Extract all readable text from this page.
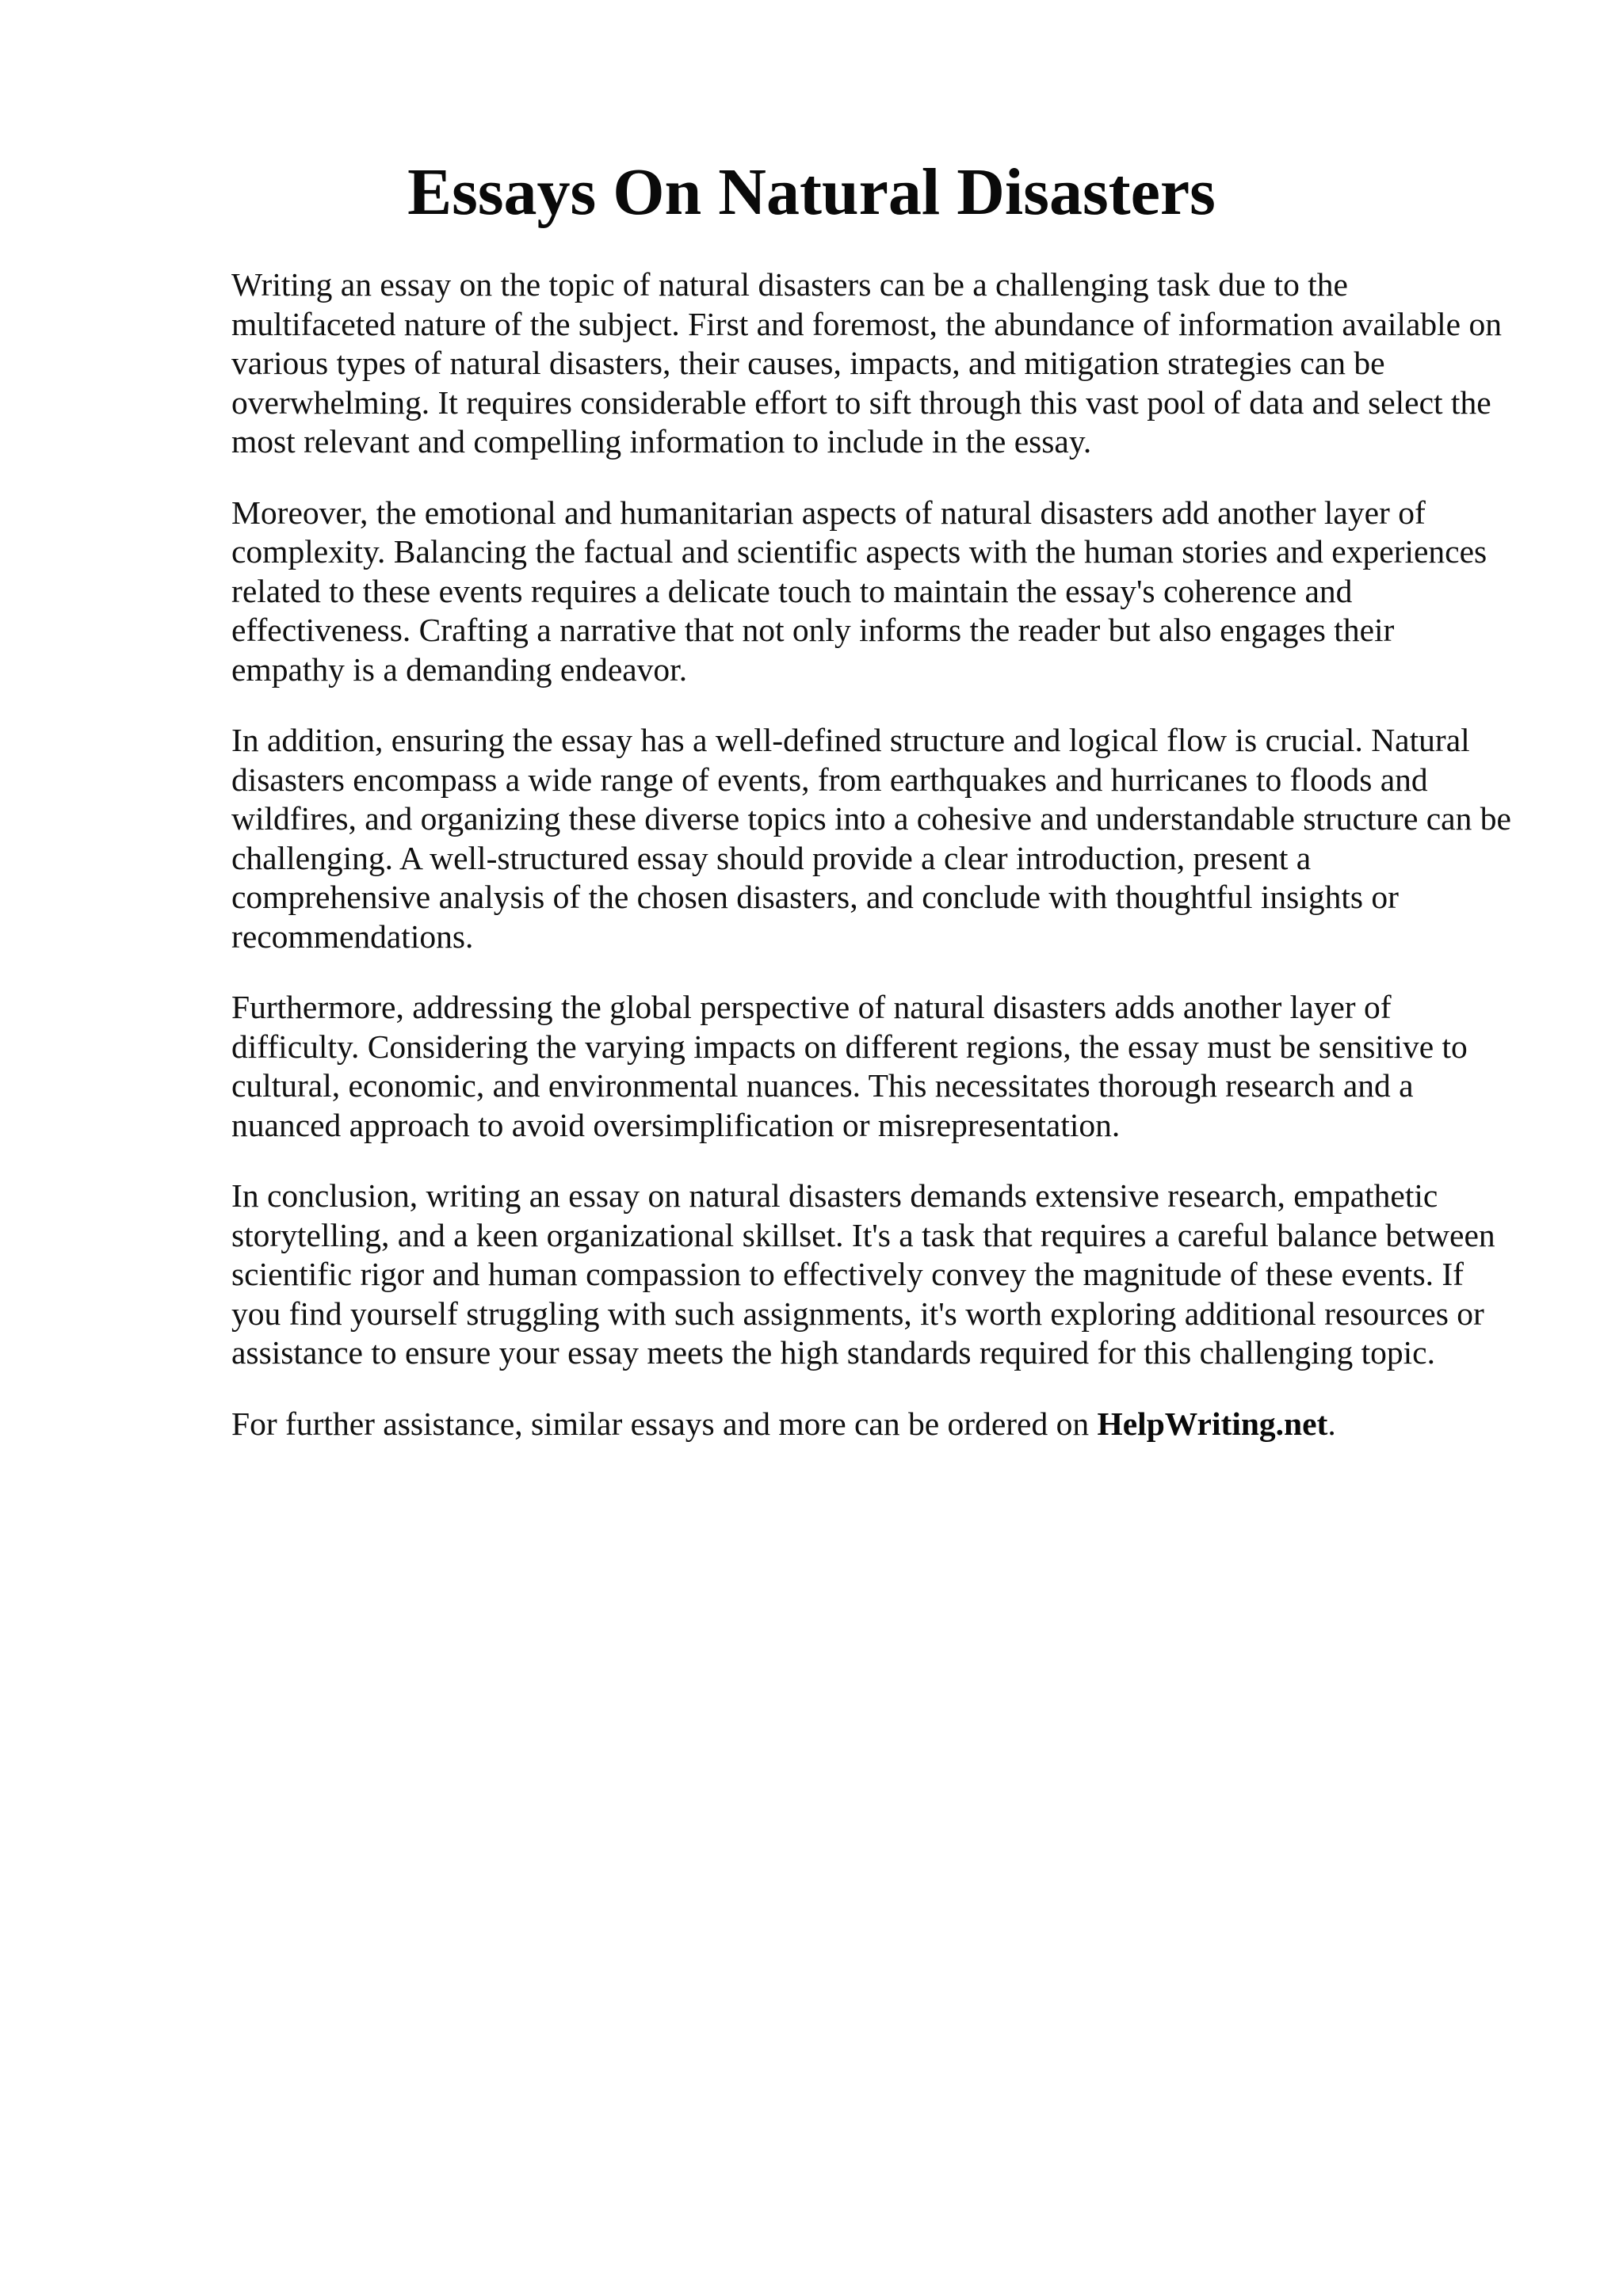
Essays On Natural Disasters

Writing an essay on the topic of natural disasters can be a challenging task due to the multifaceted nature of the subject. First and foremost, the abundance of information available on various types of natural disasters, their causes, impacts, and mitigation strategies can be overwhelming. It requires considerable effort to sift through this vast pool of data and select the most relevant and compelling information to include in the essay.

Moreover, the emotional and humanitarian aspects of natural disasters add another layer of complexity. Balancing the factual and scientific aspects with the human stories and experiences related to these events requires a delicate touch to maintain the essay's coherence and effectiveness. Crafting a narrative that not only informs the reader but also engages their empathy is a demanding endeavor.

In addition, ensuring the essay has a well-defined structure and logical flow is crucial. Natural disasters encompass a wide range of events, from earthquakes and hurricanes to floods and wildfires, and organizing these diverse topics into a cohesive and understandable structure can be challenging. A well-structured essay should provide a clear introduction, present a comprehensive analysis of the chosen disasters, and conclude with thoughtful insights or recommendations.

Furthermore, addressing the global perspective of natural disasters adds another layer of difficulty. Considering the varying impacts on different regions, the essay must be sensitive to cultural, economic, and environmental nuances. This necessitates thorough research and a nuanced approach to avoid oversimplification or misrepresentation.

In conclusion, writing an essay on natural disasters demands extensive research, empathetic storytelling, and a keen organizational skillset. It's a task that requires a careful balance between scientific rigor and human compassion to effectively convey the magnitude of these events. If you find yourself struggling with such assignments, it's worth exploring additional resources or assistance to ensure your essay meets the high standards required for this challenging topic.

For further assistance, similar essays and more can be ordered on HelpWriting.net.
